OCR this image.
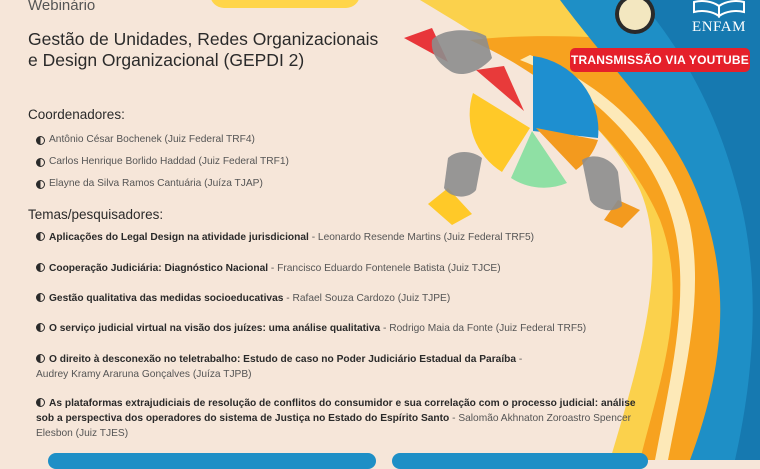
Webinário
Gestão de Unidades, Redes Organizacionais
e Design Organizacional (GEPDI 2)
ENFAM
TRANSMISSÃO VIA YOUTUBE
Coordenadores:
Antônio César Bochenek (Juiz Federal TRF4)
Carlos Henrique Borlido Haddad (Juiz Federal TRF1)
Elayne da Silva Ramos Cantuária (Juíza TJAP)
Temas/pesquisadores:
Aplicações do Legal Design na atividade jurisdicional - Leonardo Resende Martins (Juiz Federal TRF5)
Cooperação Judiciária: Diagnóstico Nacional - Francisco Eduardo Fontenele Batista (Juiz TJCE)
Gestão qualitativa das medidas socioeducativas - Rafael Souza Cardozo (Juiz TJPE)
O serviço judicial virtual na visão dos juízes: uma análise qualitativa - Rodrigo Maia da Fonte (Juiz Federal TRF5)
O direito à desconexão no teletrabalho: Estudo de caso no Poder Judiciário Estadual da Paraíba - Audrey Kramy Araruna Gonçalves (Juíza TJPB)
As plataformas extrajudiciais de resolução de conflitos do consumidor e sua correlação com o processo judicial: análise sob a perspectiva dos operadores do sistema de Justiça no Estado do Espírito Santo - Salomão Akhnaton Zoroastro Spencer Elesbon (Juiz TJES)
